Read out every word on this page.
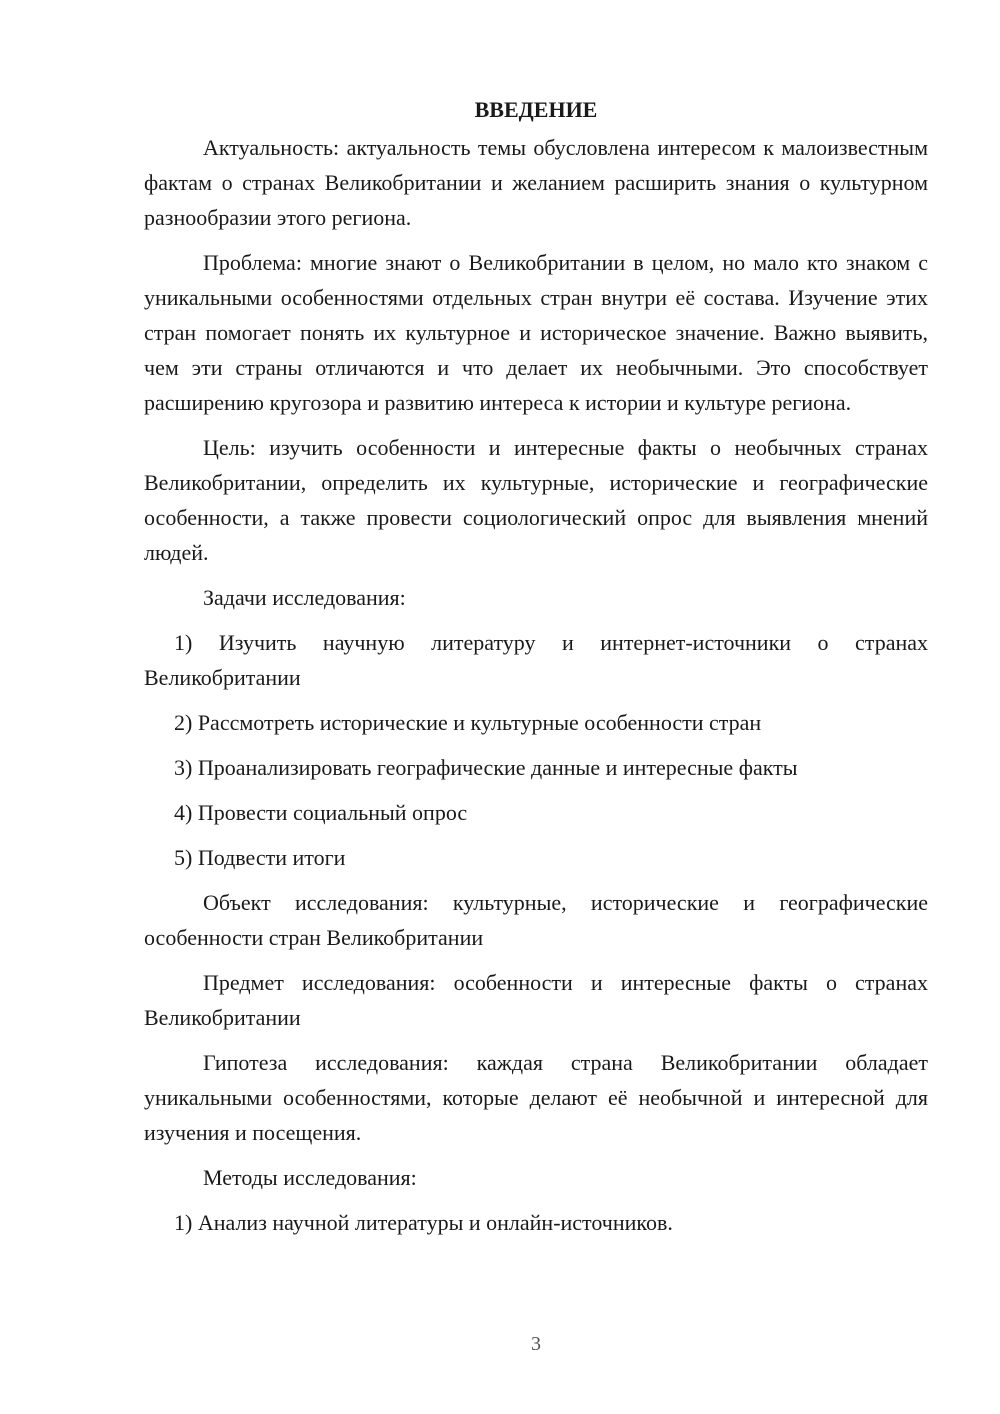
ВВЕДЕНИЕ

Актуальность: актуальность темы обусловлена интересом к малоизвестным фактам о странах Великобритании и желанием расширить знания о культурном разнообразии этого региона.

Проблема: многие знают о Великобритании в целом, но мало кто знаком с уникальными особенностями отдельных стран внутри её состава. Изучение этих стран помогает понять их культурное и историческое значение. Важно выявить, чем эти страны отличаются и что делает их необычными. Это способствует расширению кругозора и развитию интереса к истории и культуре региона.

Цель: изучить особенности и интересные факты о необычных странах Великобритании, определить их культурные, исторические и географические особенности, а также провести социологический опрос для выявления мнений людей.

Задачи исследования:

1) Изучить научную литературу и интернет-источники о странах Великобритании

2) Рассмотреть исторические и культурные особенности стран

3) Проанализировать географические данные и интересные факты

4) Провести социальный опрос

5) Подвести итоги

Объект исследования: культурные, исторические и географические особенности стран Великобритании

Предмет исследования: особенности и интересные факты о странах Великобритании

Гипотеза исследования: каждая страна Великобритании обладает уникальными особенностями, которые делают её необычной и интересной для изучения и посещения.

Методы исследования:

1) Анализ научной литературы и онлайн-источников.

3
